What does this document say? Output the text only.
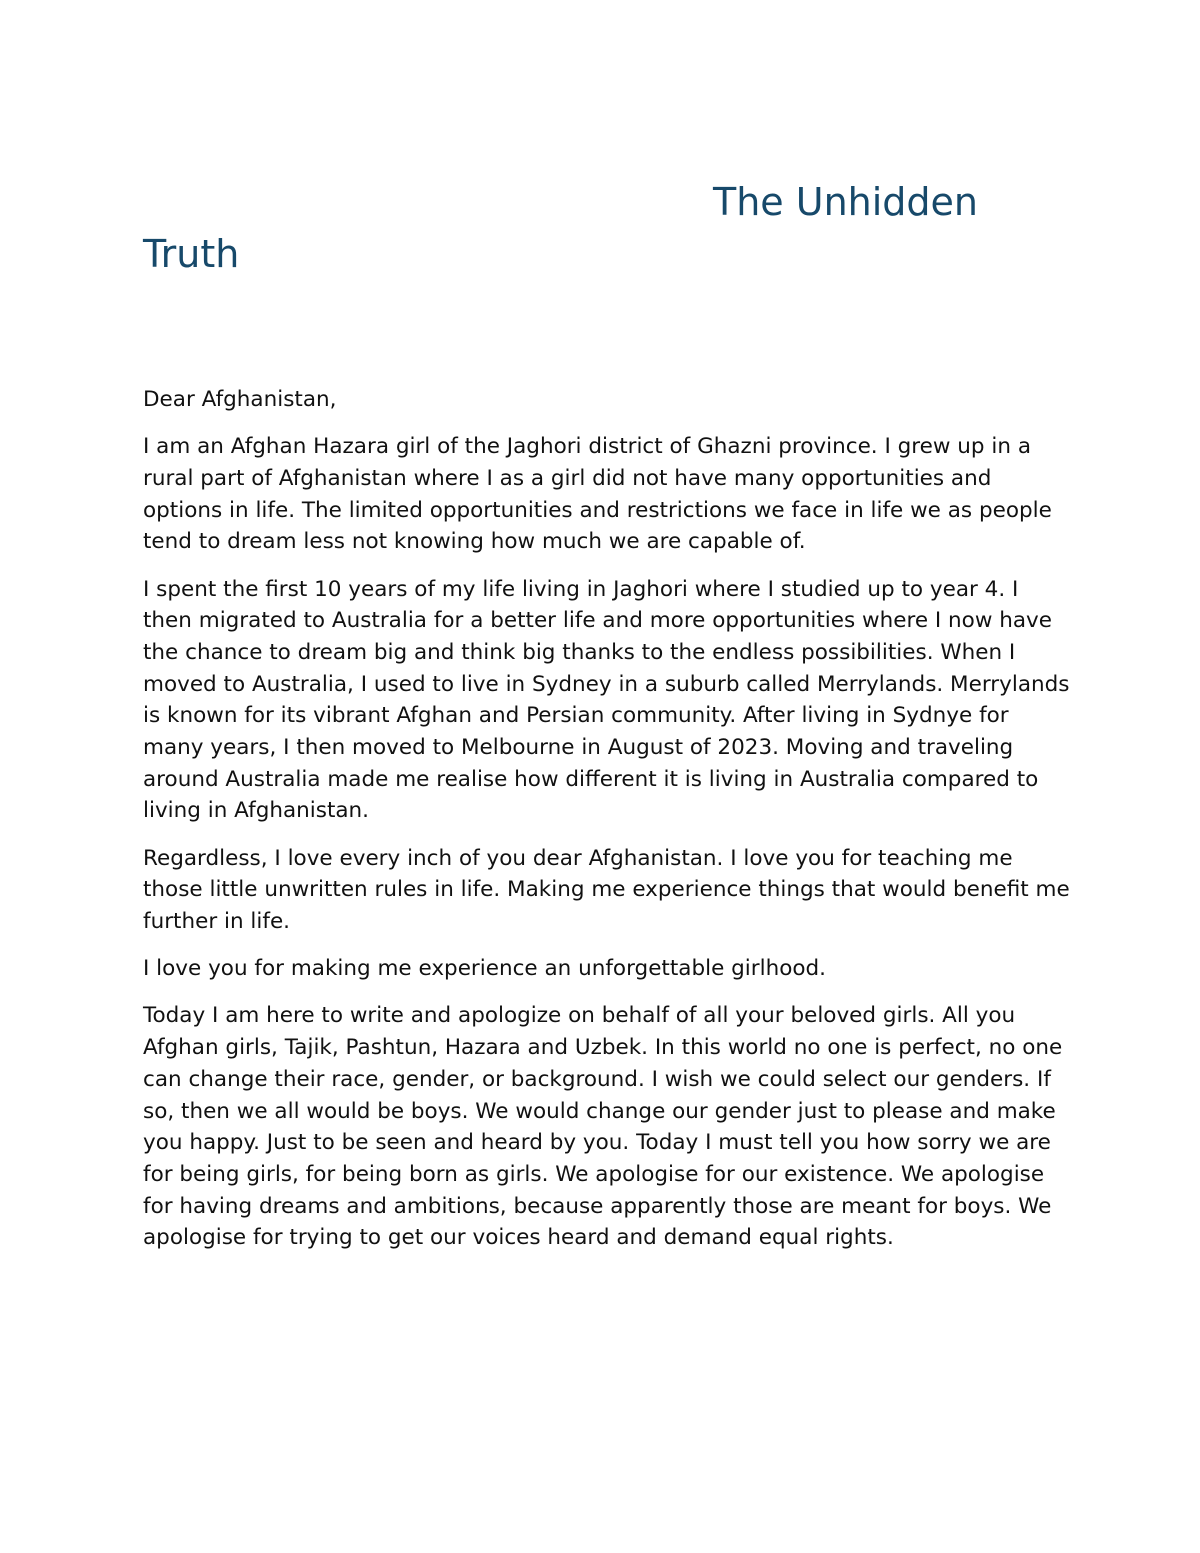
The Unhidden Truth

Dear Afghanistan,

I am an Afghan Hazara girl of the Jaghori district of Ghazni province. I grew up in a rural part of Afghanistan where I as a girl did not have many opportunities and options in life. The limited opportunities and restrictions we face in life we as people tend to dream less not knowing how much we are capable of.

I spent the first 10 years of my life living in Jaghori where I studied up to year 4. I then migrated to Australia for a better life and more opportunities where I now have the chance to dream big and think big thanks to the endless possibilities. When I moved to Australia, I used to live in Sydney in a suburb called Merrylands. Merrylands is known for its vibrant Afghan and Persian community. After living in Sydnye for many years, I then moved to Melbourne in August of 2023. Moving and traveling around Australia made me realise how different it is living in Australia compared to living in Afghanistan.

Regardless, I love every inch of you dear Afghanistan. I love you for teaching me those little unwritten rules in life. Making me experience things that would benefit me further in life.

I love you for making me experience an unforgettable girlhood.

Today I am here to write and apologize on behalf of all your beloved girls. All you Afghan girls, Tajik, Pashtun, Hazara and Uzbek. In this world no one is perfect, no one can change their race, gender, or background. I wish we could select our genders. If so, then we all would be boys. We would change our gender just to please and make you happy. Just to be seen and heard by you. Today I must tell you how sorry we are for being girls, for being born as girls. We apologise for our existence. We apologise for having dreams and ambitions, because apparently those are meant for boys. We apologise for trying to get our voices heard and demand equal rights.
